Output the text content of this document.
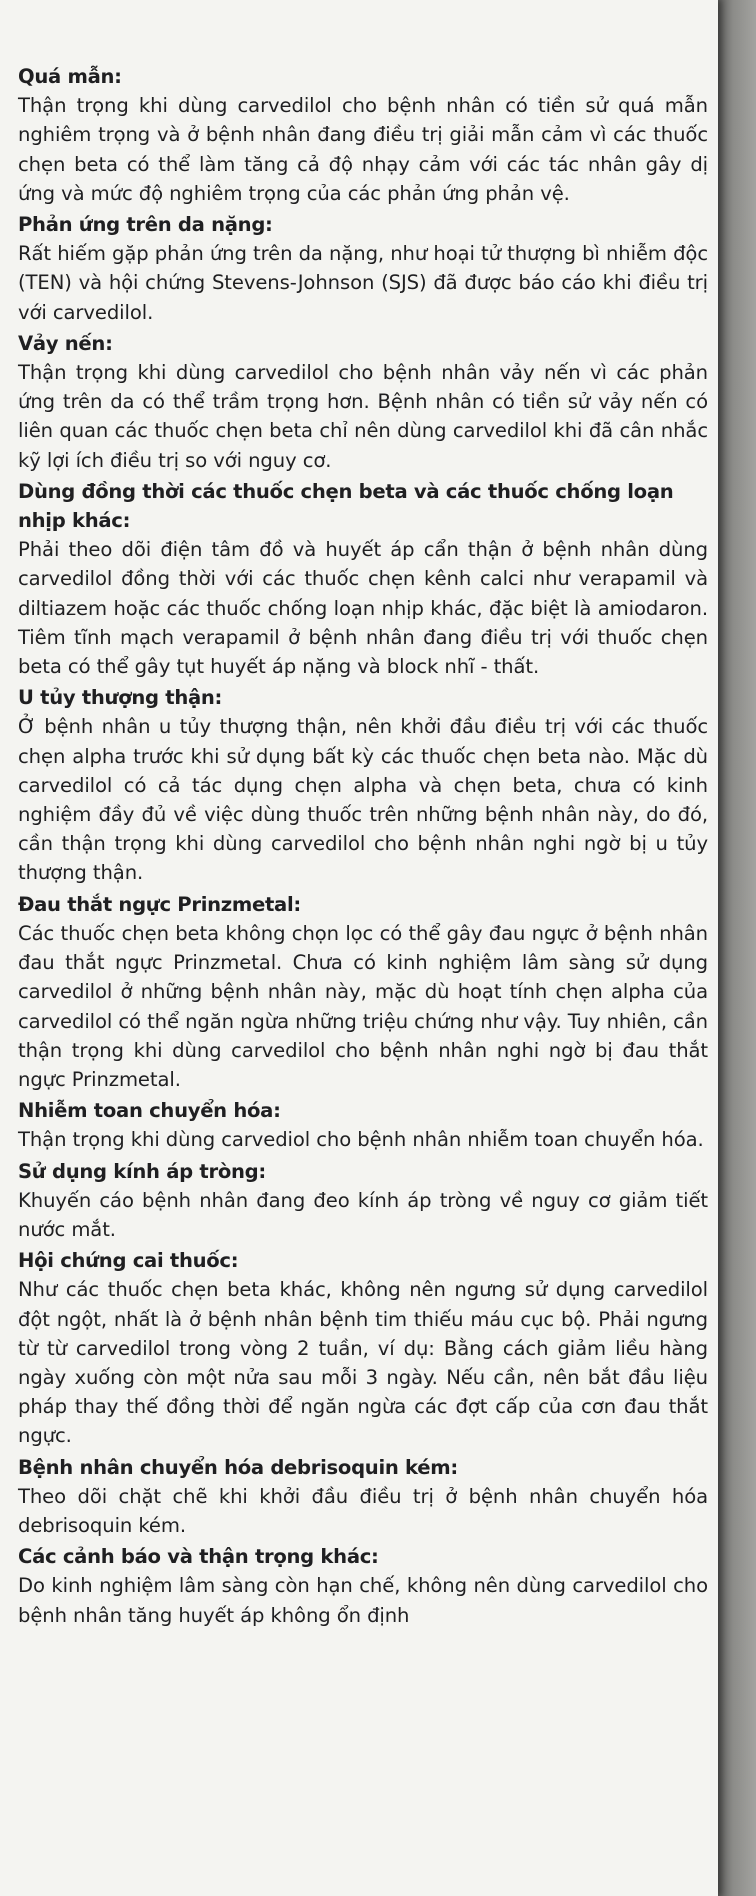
Quá mẫn:

Thận trọng khi dùng carvedilol cho bệnh nhân có tiền sử quá mẫn nghiêm trọng và ở bệnh nhân đang điều trị giải mẫn cảm vì các thuốc chẹn beta có thể làm tăng cả độ nhạy cảm với các tác nhân gây dị ứng và mức độ nghiêm trọng của các phản ứng phản vệ.

Phản ứng trên da nặng:

Rất hiếm gặp phản ứng trên da nặng, như hoại tử thượng bì nhiễm độc (TEN) và hội chứng Stevens-Johnson (SJS) đã được báo cáo khi điều trị với carvedilol.

Vảy nến:

Thận trọng khi dùng carvedilol cho bệnh nhân vảy nến vì các phản ứng trên da có thể trầm trọng hơn. Bệnh nhân có tiền sử vảy nến có liên quan các thuốc chẹn beta chỉ nên dùng carvedilol khi đã cân nhắc kỹ lợi ích điều trị so với nguy cơ.

Dùng đồng thời các thuốc chẹn beta và các thuốc chống loạn nhịp khác:

Phải theo dõi điện tâm đồ và huyết áp cẩn thận ở bệnh nhân dùng carvedilol đồng thời với các thuốc chẹn kênh calci như verapamil và diltiazem hoặc các thuốc chống loạn nhịp khác, đặc biệt là amiodaron. Tiêm tĩnh mạch verapamil ở bệnh nhân đang điều trị với thuốc chẹn beta có thể gây tụt huyết áp nặng và block nhĩ - thất.

U tủy thượng thận:

Ở bệnh nhân u tủy thượng thận, nên khởi đầu điều trị với các thuốc chẹn alpha trước khi sử dụng bất kỳ các thuốc chẹn beta nào. Mặc dù carvedilol có cả tác dụng chẹn alpha và chẹn beta, chưa có kinh nghiệm đầy đủ về việc dùng thuốc trên những bệnh nhân này, do đó, cần thận trọng khi dùng carvedilol cho bệnh nhân nghi ngờ bị u tủy thượng thận.

Đau thắt ngực Prinzmetal:

Các thuốc chẹn beta không chọn lọc có thể gây đau ngực ở bệnh nhân đau thắt ngực Prinzmetal. Chưa có kinh nghiệm lâm sàng sử dụng carvedilol ở những bệnh nhân này, mặc dù hoạt tính chẹn alpha của carvedilol có thể ngăn ngừa những triệu chứng như vậy. Tuy nhiên, cần thận trọng khi dùng carvedilol cho bệnh nhân nghi ngờ bị đau thắt ngực Prinzmetal.

Nhiễm toan chuyển hóa:

Thận trọng khi dùng carvediol cho bệnh nhân nhiễm toan chuyển hóa.

Sử dụng kính áp tròng:

Khuyến cáo bệnh nhân đang đeo kính áp tròng về nguy cơ giảm tiết nước mắt.

Hội chứng cai thuốc:

Như các thuốc chẹn beta khác, không nên ngưng sử dụng carvedilol đột ngột, nhất là ở bệnh nhân bệnh tim thiếu máu cục bộ. Phải ngưng từ từ carvedilol trong vòng 2 tuần, ví dụ: Bằng cách giảm liều hàng ngày xuống còn một nửa sau mỗi 3 ngày. Nếu cần, nên bắt đầu liệu pháp thay thế đồng thời để ngăn ngừa các đợt cấp của cơn đau thắt ngực.

Bệnh nhân chuyển hóa debrisoquin kém:

Theo dõi chặt chẽ khi khởi đầu điều trị ở bệnh nhân chuyển hóa debrisoquin kém.

Các cảnh báo và thận trọng khác:

Do kinh nghiệm lâm sàng còn hạn chế, không nên dùng carvedilol cho bệnh nhân tăng huyết áp không ổn định
